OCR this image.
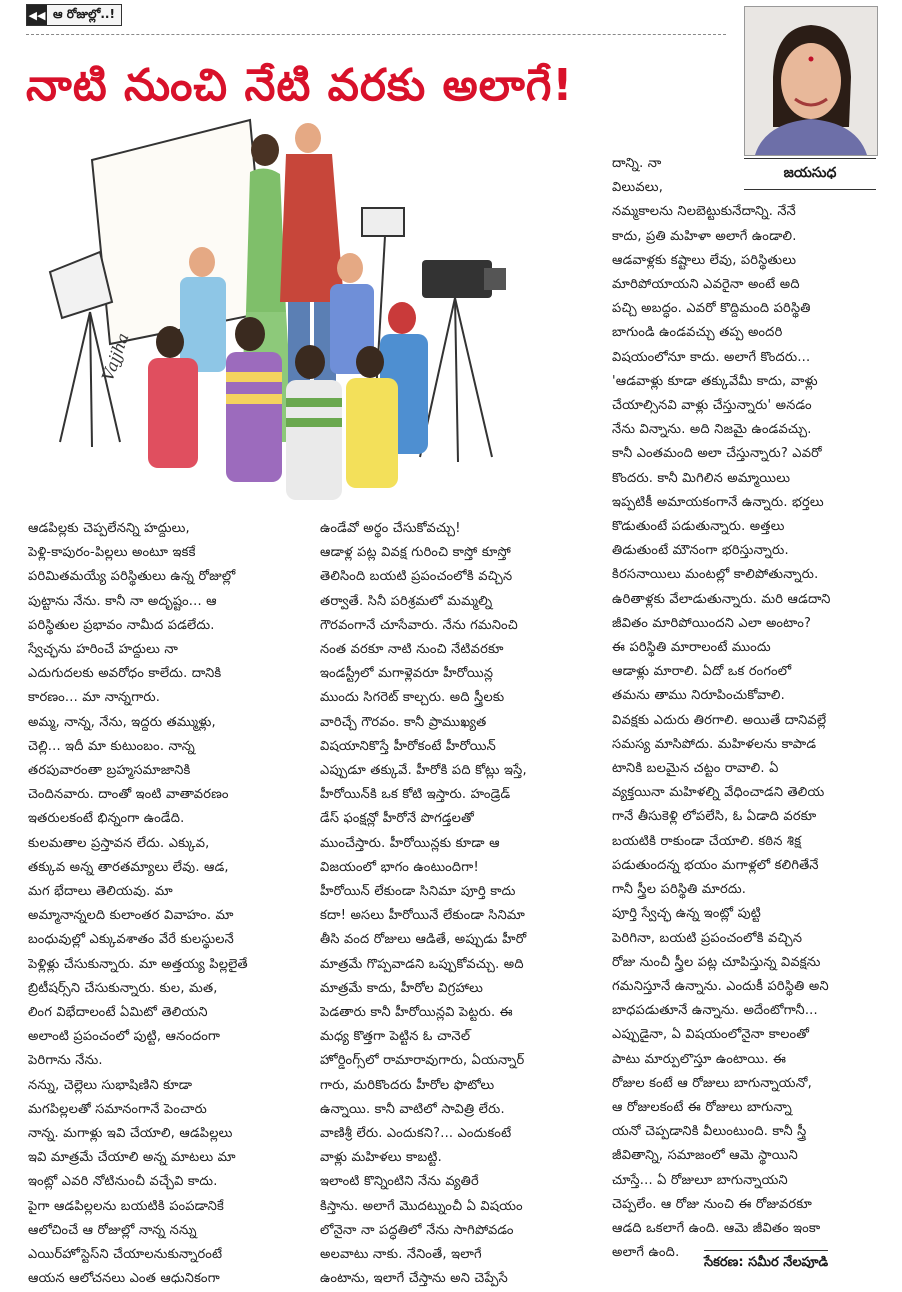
◀◀ ఆ రోజుల్లో..!
నాటి నుంచి నేటి వరకు అలాగే!
జయసుధ
Vajjha

ఆడపిల్లకు చెప్పలేనన్ని హద్దులు,

పెళ్లి-కాపురం-పిల్లలు అంటూ ఇకకే

పరిమితమయ్యే పరిస్థితులు ఉన్న రోజుల్లో

పుట్టాను నేను. కానీ నా అదృష్టం... ఆ

పరిస్థితుల ప్రభావం నామీద పడలేదు.

స్వేచ్ఛను హరించే హద్దులు నా

ఎదుగుదలకు అవరోధం కాలేదు. దానికి

కారణం... మా నాన్నగారు.

అమ్మ, నాన్న, నేను, ఇద్దరు తమ్ముళ్లు,

చెల్లి... ఇదీ మా కుటుంబం. నాన్న

తరపువారంతా బ్రహ్మసమాజానికి

చెందినవారు. దాంతో ఇంటి వాతావరణం

ఇతరులకంటే భిన్నంగా ఉండేది.

కులమతాల ప్రస్తావన లేదు. ఎక్కువ,

తక్కువ అన్న తారతమ్యాలు లేవు. ఆడ,

మగ భేదాలు తెలియవు. మా

అమ్మానాన్నలది కులాంతర వివాహం. మా

బంధువుల్లో ఎక్కువశాతం వేరే కులస్థులనే

పెళ్లిళ్లు చేసుకున్నారు. మా అత్తయ్య పిల్లలైతే

బ్రిటీషర్స్‌ని చేసుకున్నారు. కుల, మత,

లింగ విభేదాలంటే ఏమిటో తెలియని

అలాంటి ప్రపంచంలో పుట్టి, ఆనందంగా

పెరిగాను నేను.

నన్ను, చెల్లెలు సుభాషిణిని కూడా

మగపిల్లలతో సమానంగానే పెంచారు

నాన్న. మగాళ్లు ఇవి చేయాలి, ఆడపిల్లలు

ఇవి మాత్రమే చేయాలి అన్న మాటలు మా

ఇంట్లో ఎవరి నోటినుంచీ వచ్చేవి కాదు.

పైగా ఆడపిల్లలను బయటికి పంపడానికే

ఆలోచించే ఆ రోజుల్లో నాన్న నన్ను

ఎయిర్‌హోస్టెస్‌ని చేయాలనుకున్నారంటే

ఆయన ఆలోచనలు ఎంత ఆధునికంగా

ఉండేవో అర్థం చేసుకోవచ్చు!

ఆడాళ్ల పట్ల వివక్ష గురించి కాస్తో కూస్తో

తెలిసింది బయటి ప్రపంచంలోకి వచ్చిన

తర్వాతే. సినీ పరిశ్రమలో మమ్మల్ని

గౌరవంగానే చూసేవారు. నేను గమనించి

నంత వరకూ నాటి నుంచి నేటివరకూ

ఇండస్ట్రీలో మగాళ్లెవరూ హీరోయిన్ల

ముందు సిగరెట్ కాల్చరు. అది స్త్రీలకు

వారిచ్చే గౌరవం. కానీ ప్రాముఖ్యత

విషయానికొస్తే హీరోకంటే హీరోయిన్

ఎప్పుడూ తక్కువే. హీరోకి పది కోట్లు ఇస్తే,

హీరోయిన్‌కి ఒక కోటి ఇస్తారు. హండ్రెడ్

డేస్ ఫంక్షన్లో హీరోనే పొగడ్తలతో

ముంచేస్తారు. హీరోయిన్లకు కూడా ఆ

విజయంలో భాగం ఉంటుందిగా!

హీరోయిన్ లేకుండా సినిమా పూర్తి కాదు

కదా! అసలు హీరోయినే లేకుండా సినిమా

తీసి వంద రోజులు ఆడితే, అప్పుడు హీరో

మాత్రమే గొప్పవాడని ఒప్పుకోవచ్చు. అది

మాత్రమే కాదు, హీరోల విగ్రహాలు

పెడతారు కానీ హీరోయిన్లవి పెట్టరు. ఈ

మధ్య కొత్తగా పెట్టిన ఓ చానెల్

హోర్డింగ్స్‌లో రామారావుగారు, ఏయన్నార్

గారు, మరికొందరు హీరోల ఫొటోలు

ఉన్నాయి. కానీ వాటిలో సావిత్రి లేరు.

వాణిశ్రీ లేరు. ఎందుకని?... ఎందుకంటే

వాళ్లు మహిళలు కాబట్టి.

ఇలాంటి కొన్నింటిని నేను వ్యతిరే

కిస్తాను. అలాగే మొదట్నుంచీ ఏ విషయం

లోనైనా నా పద్ధతిలో నేను సాగిపోవడం

అలవాటు నాకు. నేనింతే, ఇలాగే

ఉంటాను, ఇలాగే చేస్తాను అని చెప్పేసే

దాన్ని. నా

విలువలు,

నమ్మకాలను నిలబెట్టుకునేదాన్ని. నేనే

కాదు, ప్రతి మహిళా అలాగే ఉండాలి.

ఆడవాళ్లకు కష్టాలు లేవు, పరిస్థితులు

మారిపోయాయని ఎవరైనా అంటే అది

పచ్చి అబద్ధం. ఎవరో కొద్దిమంది పరిస్థితి

బాగుండి ఉండవచ్చు తప్ప అందరి

విషయంలోనూ కాదు. అలాగే కొందరు...

'ఆడవాళ్లు కూడా తక్కువేమీ కాదు, వాళ్లు

చేయాల్సినవి వాళ్లు చేస్తున్నారు' అనడం

నేను విన్నాను. అది నిజమై ఉండవచ్చు.

కానీ ఎంతమంది అలా చేస్తున్నారు? ఎవరో

కొందరు. కానీ మిగిలిన అమ్మాయిలు

ఇప్పటికీ అమాయకంగానే ఉన్నారు. భర్తలు

కొడుతుంటే పడుతున్నారు. అత్తలు

తిడుతుంటే మౌనంగా భరిస్తున్నారు.

కిరసనాయిలు మంటల్లో కాలిపోతున్నారు.

ఉరితాళ్లకు వేలాడుతున్నారు. మరి ఆడదాని

జీవితం మారిపోయిందని ఎలా అంటాం?

ఈ పరిస్థితి మారాలంటే ముందు

ఆడాళ్లు మారాలి. ఏదో ఒక రంగంలో

తమను తాము నిరూపించుకోవాలి.

వివక్షకు ఎదురు తిరగాలి. అయితే దానివల్లే

సమస్య మాసిపోదు. మహిళలను కాపాడ

టానికి బలమైన చట్టం రావాలి. ఏ

వ్యక్తయినా మహిళల్ని వేధించాడని తెలియ

గానే తీసుకెళ్లి లోపలేసి, ఓ ఏడాది వరకూ

బయటికి రాకుండా చేయాలి. కఠిన శిక్ష

పడుతుందన్న భయం మగాళ్లలో కలిగితేనే

గానీ స్త్రీల పరిస్థితి మారదు.

పూర్తి స్వేచ్ఛ ఉన్న ఇంట్లో పుట్టి

పెరిగినా, బయటి ప్రపంచంలోకి వచ్చిన

రోజు నుంచీ స్త్రీల పట్ల చూపిస్తున్న వివక్షను

గమనిస్తూనే ఉన్నాను. ఎందుకీ పరిస్థితి అని

బాధపడుతూనే ఉన్నాను. అదేంటోగానీ...

ఎప్పుడైనా, ఏ విషయంలోనైనా కాలంతో

పాటు మార్పులొస్తూ ఉంటాయి. ఈ

రోజుల కంటే ఆ రోజులు బాగున్నాయనో,

ఆ రోజులకంటే ఈ రోజులు బాగున్నా

యనో చెప్పడానికి వీలుంటుంది. కానీ స్త్రీ

జీవితాన్ని, సమాజంలో ఆమె స్థాయిని

చూస్తే... ఏ రోజులూ బాగున్నాయని

చెప్పలేం. ఆ రోజు నుంచి ఈ రోజువరకూ

ఆడది ఒకలాగే ఉంది. ఆమె జీవితం ఇంకా

అలాగే ఉంది.

సేకరణ: సమీర నేలపూడి
